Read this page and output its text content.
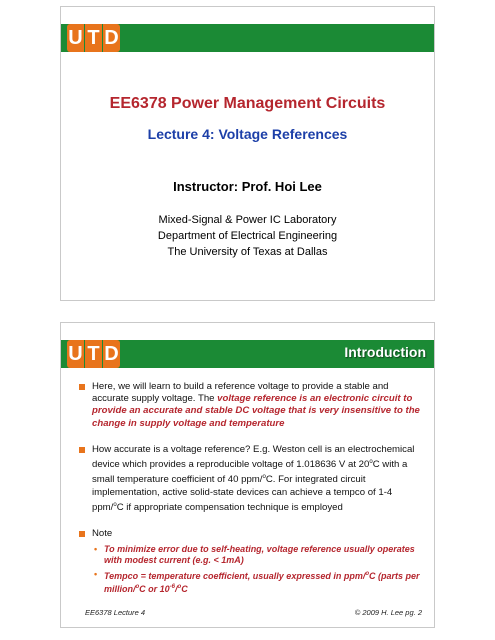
U T D
EE6378 Power Management Circuits
Lecture 4: Voltage References
Instructor: Prof. Hoi Lee
Mixed-Signal & Power IC Laboratory
Department of Electrical Engineering
The University of Texas at Dallas
Introduction
U T D
Here, we will learn to build a reference voltage to provide a stable and accurate supply voltage. The voltage reference is an electronic circuit to provide an accurate and stable DC voltage that is very insensitive to the change in supply voltage and temperature
How accurate is a voltage reference? E.g. Weston cell is an electrochemical device which provides a reproducible voltage of 1.018636 V at 20$^o$C with a small temperature coefficient of 40 ppm/$^o$C. For integrated circuit implementation, active solid-state devices can achieve a tempco of 1-4 ppm/$^o$C if appropriate compensation technique is employed
Note
• To minimize error due to self-heating, voltage reference usually operates with modest current (e.g. < 1mA)
• Tempco = temperature coefficient, usually expressed in ppm/$^o$C (parts per million/$^o$C or $10^{-6}/^oC$
EE6378 Lecture 4	© 2009 H. Lee pg. 2
